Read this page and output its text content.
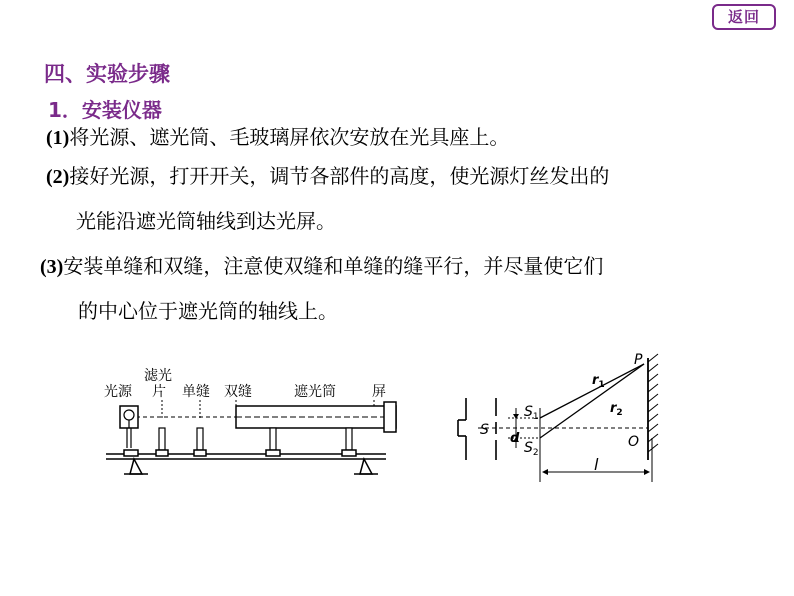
返回
四、实验步骤
1．安装仪器
(1)将光源、遮光筒、毛玻璃屏依次安放在光具座上。
(2)接好光源，打开开关，调节各部件的高度，使光源灯丝发出的
光能沿遮光筒轴线到达光屏。
(3)安装单缝和双缝，注意使双缝和单缝的缝平行，并尽量使它们
的中心位于遮光筒的轴线上。
光源
滤光
片 单缝 双缝	遮光筒	屏
P
$r_1$
$r_2$
S
$S_1$
$S_2$
d	O
l
